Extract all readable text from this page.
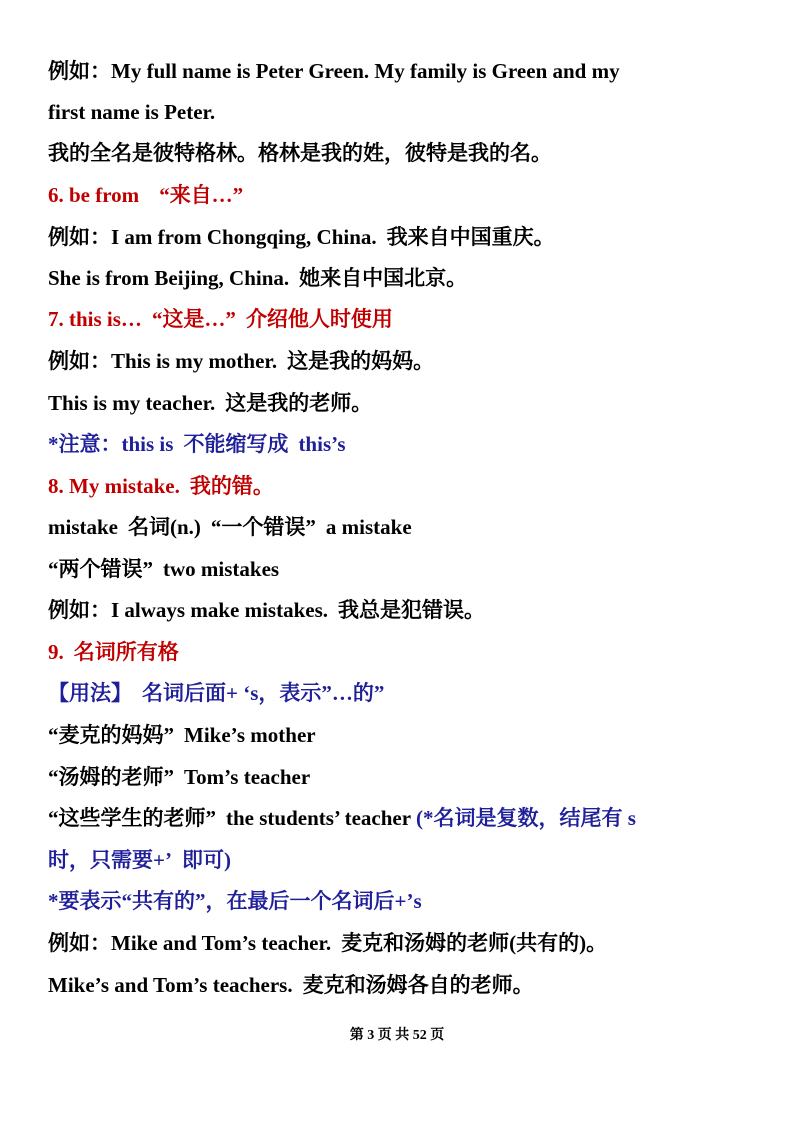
例如：My full name is Peter Green. My family is Green and my
first name is Peter.
我的全名是彼特格林。格林是我的姓，彼特是我的名。
6. be from “来自…”
例如：I am from Chongqing, China. 我来自中国重庆。
She is from Beijing, China. 她来自中国北京。
7. this is… “这是…” 介绍他人时使用
例如：This is my mother. 这是我的妈妈。
This is my teacher. 这是我的老师。
*注意：this is 不能缩写成 this’s
8. My mistake. 我的错。
mistake 名词(n.) “一个错误” a mistake
“两个错误” two mistakes
例如：I always make mistakes. 我总是犯错误。
9. 名词所有格
【用法】 名词后面+ ‘s，表示”…的”
“麦克的妈妈” Mike’s mother
“汤姆的老师” Tom’s teacher
“这些学生的老师” the students’ teacher (*名词是复数，结尾有 s
时，只需要+’ 即可)
*要表示“共有的”，在最后一个名词后+’s
例如：Mike and Tom’s teacher. 麦克和汤姆的老师(共有的)。
Mike’s and Tom’s teachers. 麦克和汤姆各自的老师。
第 3 页 共 52 页
